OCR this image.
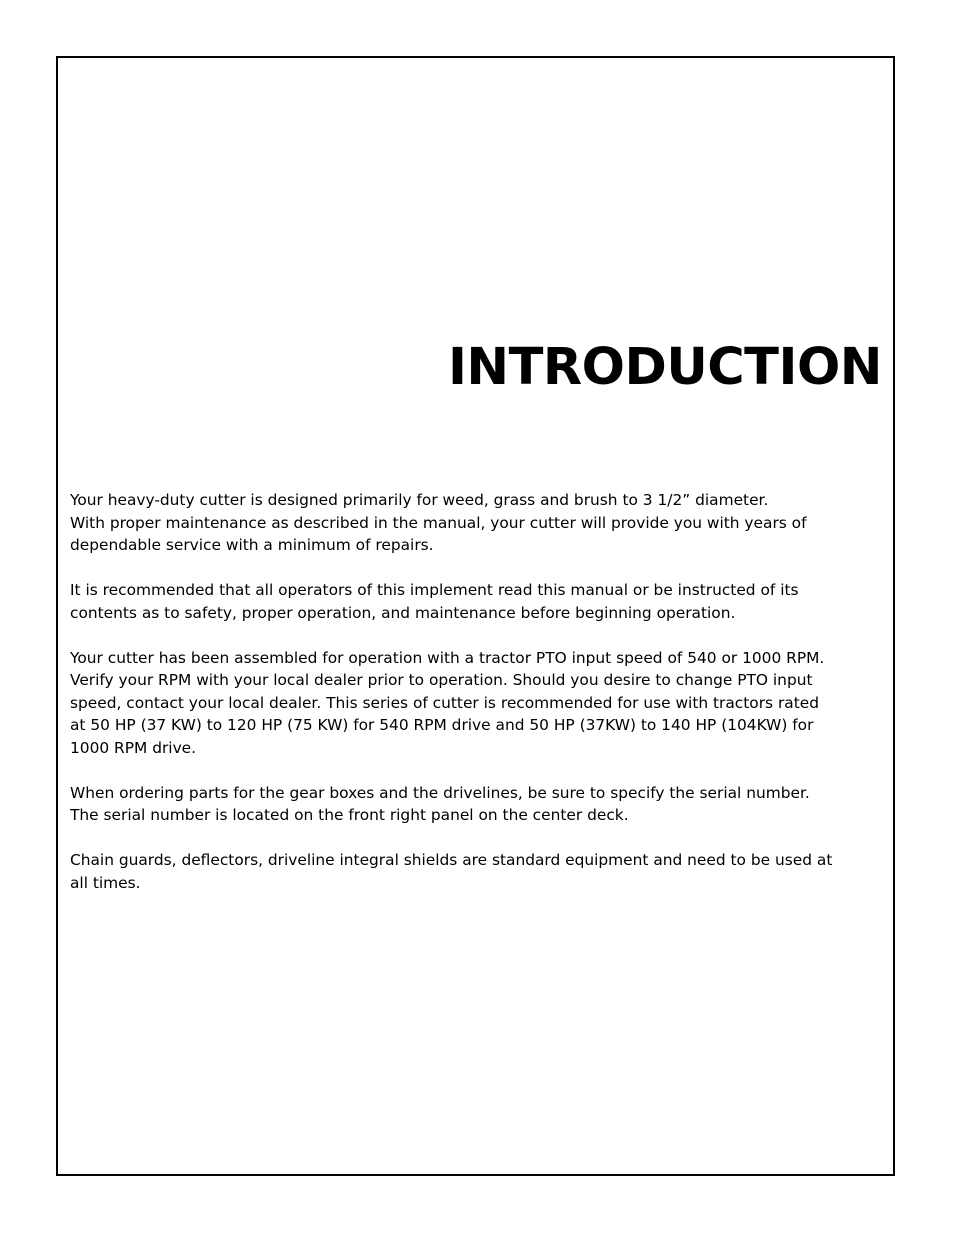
INTRODUCTION

Your heavy-duty cutter is designed primarily for weed, grass and brush to 3 1/2” diameter.
With proper maintenance as described in the manual, your cutter will provide you with years of
dependable service with a minimum of repairs.

It is recommended that all operators of this implement read this manual or be instructed of its
contents as to safety, proper operation, and maintenance before beginning operation.

Your cutter has been assembled for operation with a tractor PTO input speed of 540 or 1000 RPM.
Verify your RPM with your local dealer prior to operation. Should you desire to change PTO input
speed, contact your local dealer. This series of cutter is recommended for use with tractors rated
at 50 HP (37 KW) to 120 HP (75 KW) for 540 RPM drive and 50 HP (37KW) to 140 HP (104KW) for
1000 RPM drive.

When ordering parts for the gear boxes and the drivelines, be sure to specify the serial number.
The serial number is located on the front right panel on the center deck.

Chain guards, deflectors, driveline integral shields are standard equipment and need to be used at
all times.
